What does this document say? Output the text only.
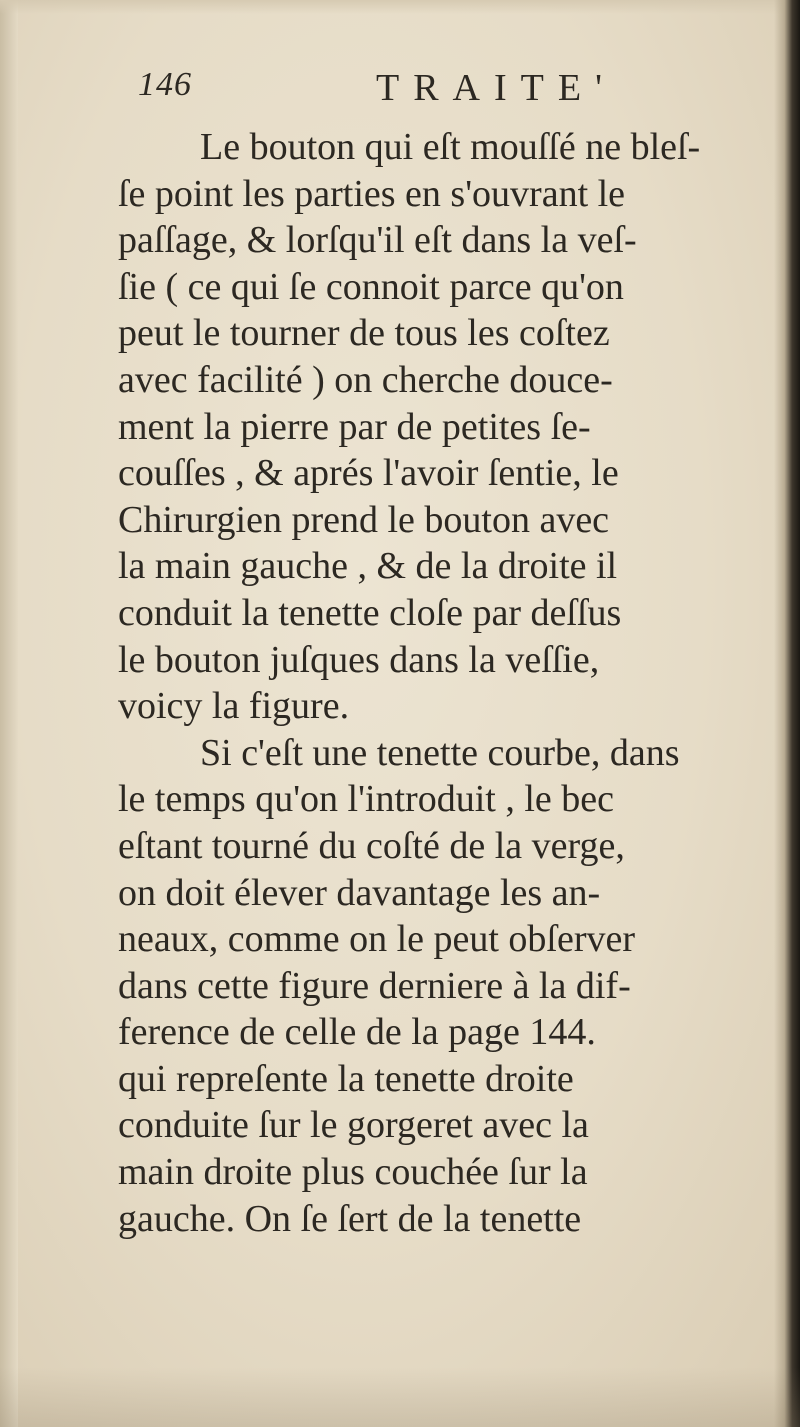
146	TRAITE'
Le bouton qui eſt mouſſé ne bleſ-
ſe point les parties en s'ouvrant le
paſſage, & lorſqu'il eſt dans la veſ-
ſie ( ce qui ſe connoit parce qu'on
peut le tourner de tous les coſtez
avec facilité ) on cherche douce-
ment la pierre par de petites ſe-
couſſes , & aprés l'avoir ſentie, le
Chirurgien prend le bouton avec
la main gauche , & de la droite il
conduit la tenette cloſe par deſſus
le bouton juſques dans la veſſie,
voicy la figure.
Si c'eſt une tenette courbe, dans
le temps qu'on l'introduit , le bec
eſtant tourné du coſté de la verge,
on doit élever davantage les an-
neaux, comme on le peut obſerver
dans cette figure derniere à la dif-
ference de celle de la page 144.
qui repreſente la tenette droite
conduite ſur le gorgeret avec la
main droite plus couchée ſur la
gauche. On ſe ſert de la tenette
